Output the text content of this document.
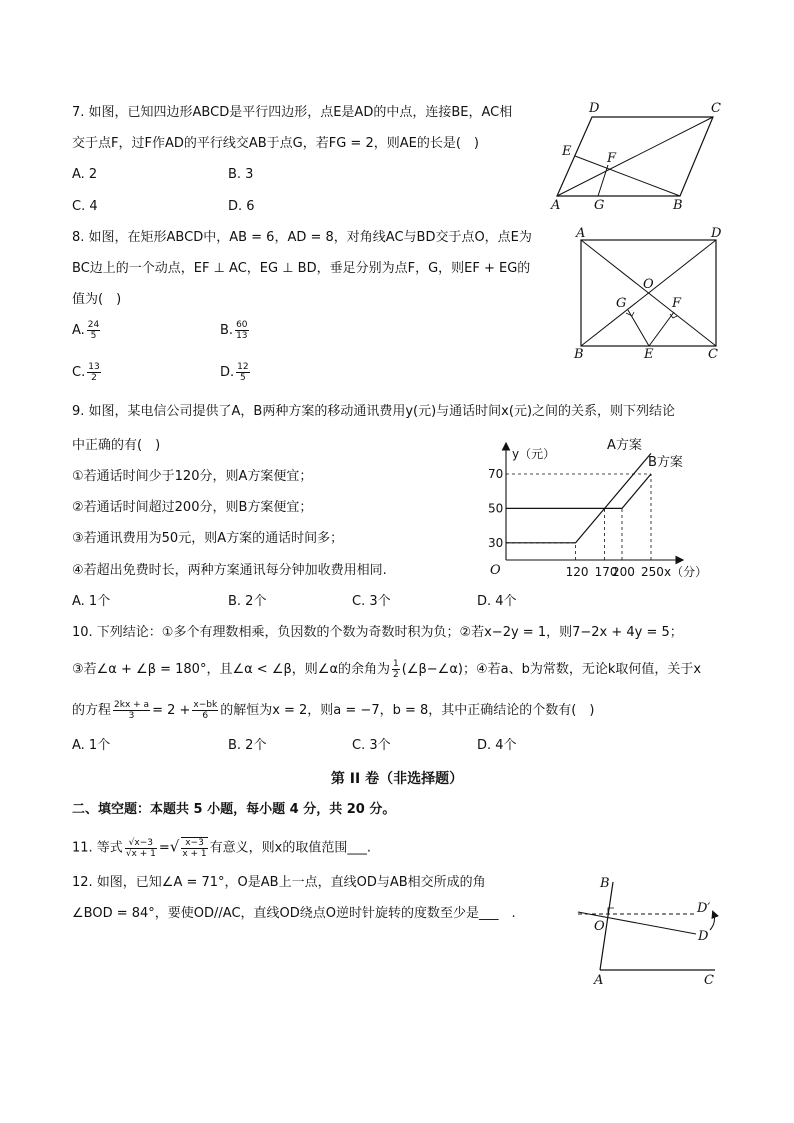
7. 如图，已知四边形ABCD是平行四边形，点E是AD的中点，连接BE，AC相
交于点F，过F作AD的平行线交AB于点G，若FG = 2，则AE的长是(　)
A. 2	B. 3
C. 4	D. 6
D	C
E	F
A	G	B
8. 如图，在矩形ABCD中，AB = 6，AD = 8，对角线AC与BD交于点O，点E为
BC边上的一个动点，EF ⊥ AC，EG ⊥ BD，垂足分别为点F，G，则EF + EG的
值为(　)
A. $\frac{24}{5}$	B. $\frac{60}{13}$
C. $\frac{13}{2}$	D. $\frac{12}{5}$
A	D
O
G	F
B	E	C
9. 如图，某电信公司提供了A，B两种方案的移动通讯费用y(元)与通话时间x(元)之间的关系，则下列结论
中正确的有(　)
①若通话时间少于120分，则A方案便宜；
②若通话时间超过200分，则B方案便宜；
③若通讯费用为50元，则A方案的通话时间多；
④若超出免费时长，两种方案通讯每分钟加收费用相同.
A. 1个	B. 2个	C. 3个	D. 4个
30
50
70
120 170
200 250
y（元）
x（分）
O
A方案
B方案
10. 下列结论：①多个有理数相乘，负因数的个数为奇数时积为负；②若x−2y = 1，则7−2x + 4y = 5；
③若∠α + ∠β = 180°，且∠α < ∠β，则∠α的余角为 $\frac{1}{2}$ (∠β−∠α)；④若a、b为常数，无论k取何值，关于x
的方程 $\frac{2kx + a}{3} = 2 + \frac{x-bk}{6}$ 的解恒为x = 2，则a = −7，b = 8，其中正确结论的个数有(　)
A. 1个	B. 2个	C. 3个	D. 4个
第 II 卷（非选择题）
二、填空题：本题共 5 小题，每小题 4 分，共 20 分。
11. 等式 $\frac{√x-3}{√x + 1}$ =√ $\frac{x-3}{x + 1}$ 有意义，则x的取值范围___.
12. 如图，已知∠A = 71°，O是AB上一点，直线OD与AB相交所成的角
∠BOD = 84°，要使OD//AC，直线OD绕点O逆时针旋转的度数至少是___　.
B
D′
O
D
A	C
